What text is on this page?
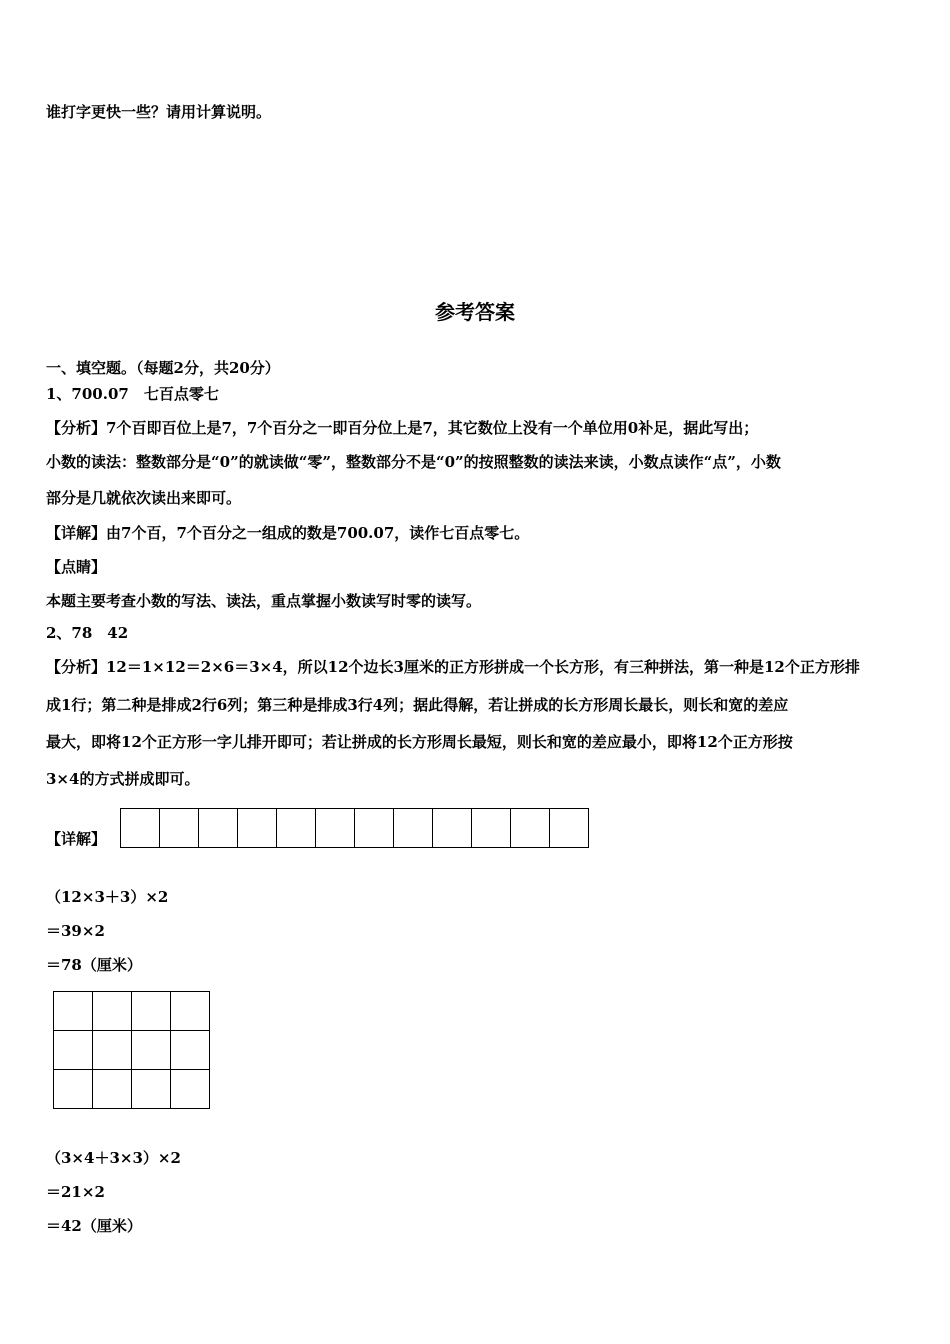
谁打字更快一些？请用计算说明。
参考答案
一、填空题。（每题2分，共20分）
1、700.07　七百点零七
【分析】7个百即百位上是7，7个百分之一即百分位上是7，其它数位上没有一个单位用0补足，据此写出；
小数的读法：整数部分是“0”的就读做“零”，整数部分不是“0”的按照整数的读法来读，小数点读作“点”，小数
部分是几就依次读出来即可。
【详解】由7个百，7个百分之一组成的数是700.07，读作七百点零七。
【点睛】
本题主要考查小数的写法、读法，重点掌握小数读写时零的读写。
2、78　42
【分析】12＝1×12＝2×6＝3×4，所以12个边长3厘米的正方形拼成一个长方形，有三种拼法，第一种是12个正方形排
成1行；第二种是排成2行6列；第三种是排成3行4列；据此得解，若让拼成的长方形周长最长，则长和宽的差应
最大，即将12个正方形一字儿排开即可；若让拼成的长方形周长最短，则长和宽的差应最小，即将12个正方形按
3×4的方式拼成即可。
【详解】

（12×3＋3）×2
＝39×2
＝78（厘米）

（3×4＋3×3）×2
＝21×2
＝42（厘米）
